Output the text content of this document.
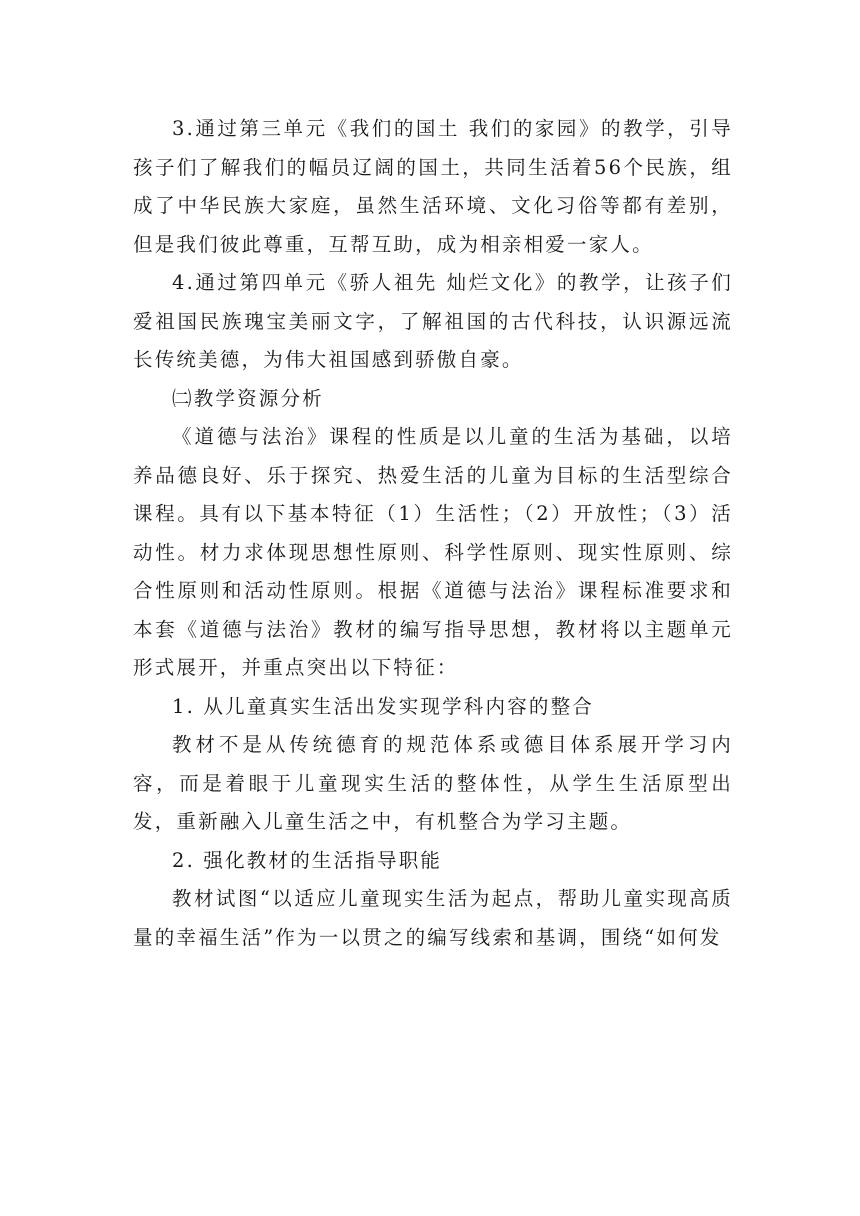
3.通过第三单元《我们的国土 我们的家园》的教学，引导孩子们了解我们的幅员辽阔的国土，共同生活着56个民族，组成了中华民族大家庭，虽然生活环境、文化习俗等都有差别，但是我们彼此尊重，互帮互助，成为相亲相爱一家人。

4.通过第四单元《骄人祖先 灿烂文化》的教学，让孩子们爱祖国民族瑰宝美丽文字，了解祖国的古代科技，认识源远流长传统美德，为伟大祖国感到骄傲自豪。

㈡教学资源分析

《道德与法治》课程的性质是以儿童的生活为基础，以培养品德良好、乐于探究、热爱生活的儿童为目标的生活型综合课程。具有以下基本特征（1）生活性；（2）开放性；（3）活动性。材力求体现思想性原则、科学性原则、现实性原则、综合性原则和活动性原则。根据《道德与法治》课程标准要求和本套《道德与法治》教材的编写指导思想，教材将以主题单元形式展开，并重点突出以下特征：

1. 从儿童真实生活出发实现学科内容的整合

教材不是从传统德育的规范体系或德目体系展开学习内容，而是着眼于儿童现实生活的整体性，从学生生活原型出发，重新融入儿童生活之中，有机整合为学习主题。

2. 强化教材的生活指导职能

教材试图“以适应儿童现实生活为起点，帮助儿童实现高质量的幸福生活”作为一以贯之的编写线索和基调，围绕“如何发
